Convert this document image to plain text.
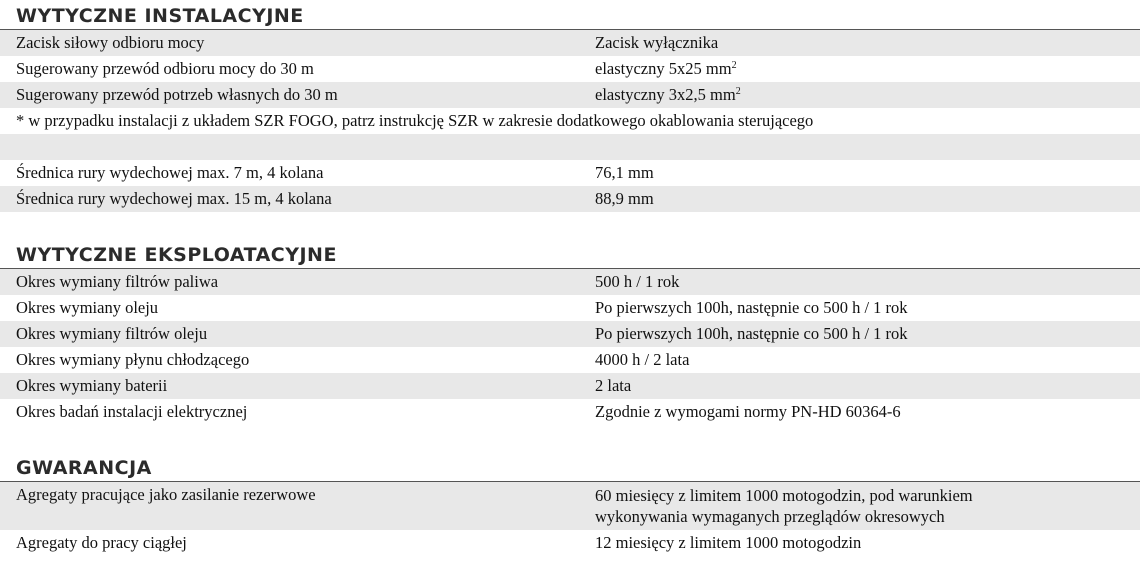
WYTYCZNE INSTALACYJNE
Zacisk siłowy odbioru mocy	Zacisk wyłącznika
Sugerowany przewód odbioru mocy do 30 m	elastyczny 5x25 $mm^2$
Sugerowany przewód potrzeb własnych do 30 m	elastyczny 3x2,5 $mm^2$
* w przypadku instalacji z układem SZR FOGO, patrz instrukcję SZR w zakresie dodatkowego okablowania sterującego
Średnica rury wydechowej max. 7 m, 4 kolana	76,1 mm
Średnica rury wydechowej max. 15 m, 4 kolana	88,9 mm
WYTYCZNE EKSPLOATACYJNE
Okres wymiany filtrów paliwa	500 h / 1 rok
Okres wymiany oleju	Po pierwszych 100h, następnie co 500 h / 1 rok
Okres wymiany filtrów oleju	Po pierwszych 100h, następnie co 500 h / 1 rok
Okres wymiany płynu chłodzącego	4000 h / 2 lata
Okres wymiany baterii	2 lata
Okres badań instalacji elektrycznej	Zgodnie z wymogami normy PN-HD 60364-6
GWARANCJA
Agregaty pracujące jako zasilanie rezerwowe	60 miesięcy z limitem 1000 motogodzin, pod warunkiem
wykonywania wymaganych przeglądów okresowych
Agregaty do pracy ciągłej	12 miesięcy z limitem 1000 motogodzin
